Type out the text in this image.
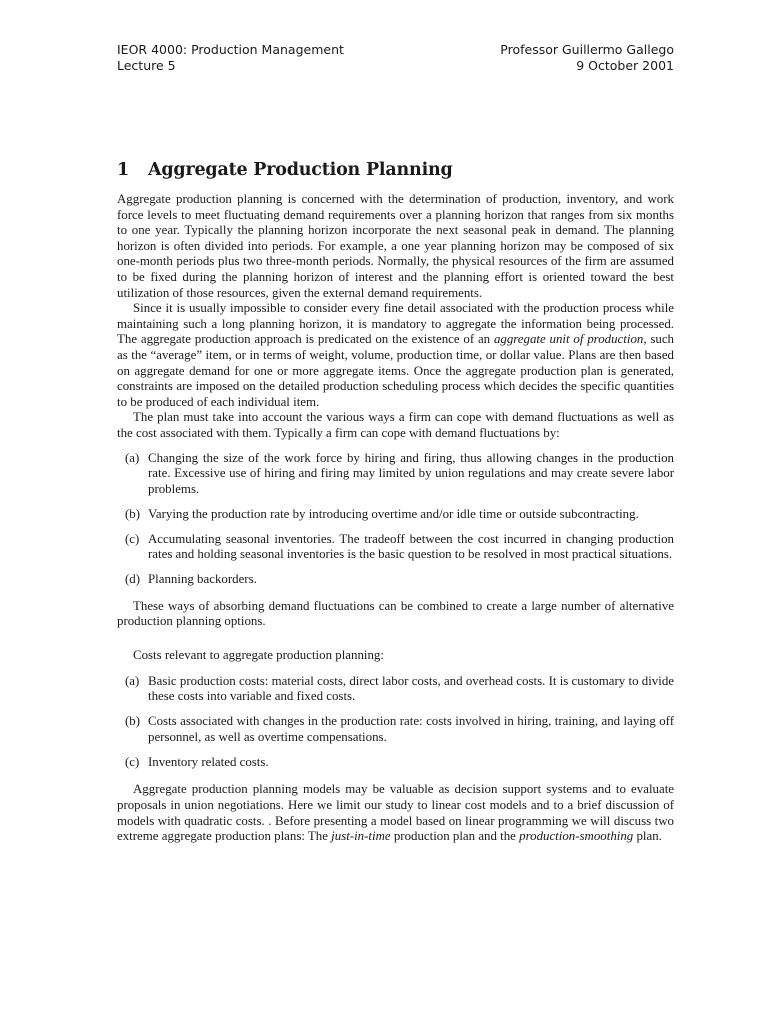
IEOR 4000: Production Management
Lecture 5
Professor Guillermo Gallego
9 October 2001
1 Aggregate Production Planning

Aggregate production planning is concerned with the determination of production, inventory, and work force levels to meet fluctuating demand requirements over a planning horizon that ranges from six months to one year. Typically the planning horizon incorporate the next seasonal peak in demand. The planning horizon is often divided into periods. For example, a one year planning horizon may be composed of six one-month periods plus two three-month periods. Normally, the physical resources of the firm are assumed to be fixed during the planning horizon of interest and the planning effort is oriented toward the best utilization of those resources, given the external demand requirements.

Since it is usually impossible to consider every fine detail associated with the production process while maintaining such a long planning horizon, it is mandatory to aggregate the information being processed. The aggregate production approach is predicated on the existence of an aggregate unit of production, such as the “average” item, or in terms of weight, volume, production time, or dollar value. Plans are then based on aggregate demand for one or more aggregate items. Once the aggregate production plan is generated, constraints are imposed on the detailed production scheduling process which decides the specific quantities to be produced of each individual item.

The plan must take into account the various ways a firm can cope with demand fluctuations as well as the cost associated with them. Typically a firm can cope with demand fluctuations by:

(a) Changing the size of the work force by hiring and firing, thus allowing changes in the production rate. Excessive use of hiring and firing may limited by union regulations and may create severe labor problems.
(b) Varying the production rate by introducing overtime and/or idle time or outside subcontracting.
(c) Accumulating seasonal inventories. The tradeoff between the cost incurred in changing production rates and holding seasonal inventories is the basic question to be resolved in most practical situations.
(d) Planning backorders.

These ways of absorbing demand fluctuations can be combined to create a large number of alternative production planning options.

Costs relevant to aggregate production planning:

(a) Basic production costs: material costs, direct labor costs, and overhead costs. It is customary to divide these costs into variable and fixed costs.
(b) Costs associated with changes in the production rate: costs involved in hiring, training, and laying off personnel, as well as overtime compensations.
(c) Inventory related costs.

Aggregate production planning models may be valuable as decision support systems and to evaluate proposals in union negotiations. Here we limit our study to linear cost models and to a brief discussion of models with quadratic costs. . Before presenting a model based on linear programming we will discuss two extreme aggregate production plans: The just-in-time production plan and the production-smoothing plan.
